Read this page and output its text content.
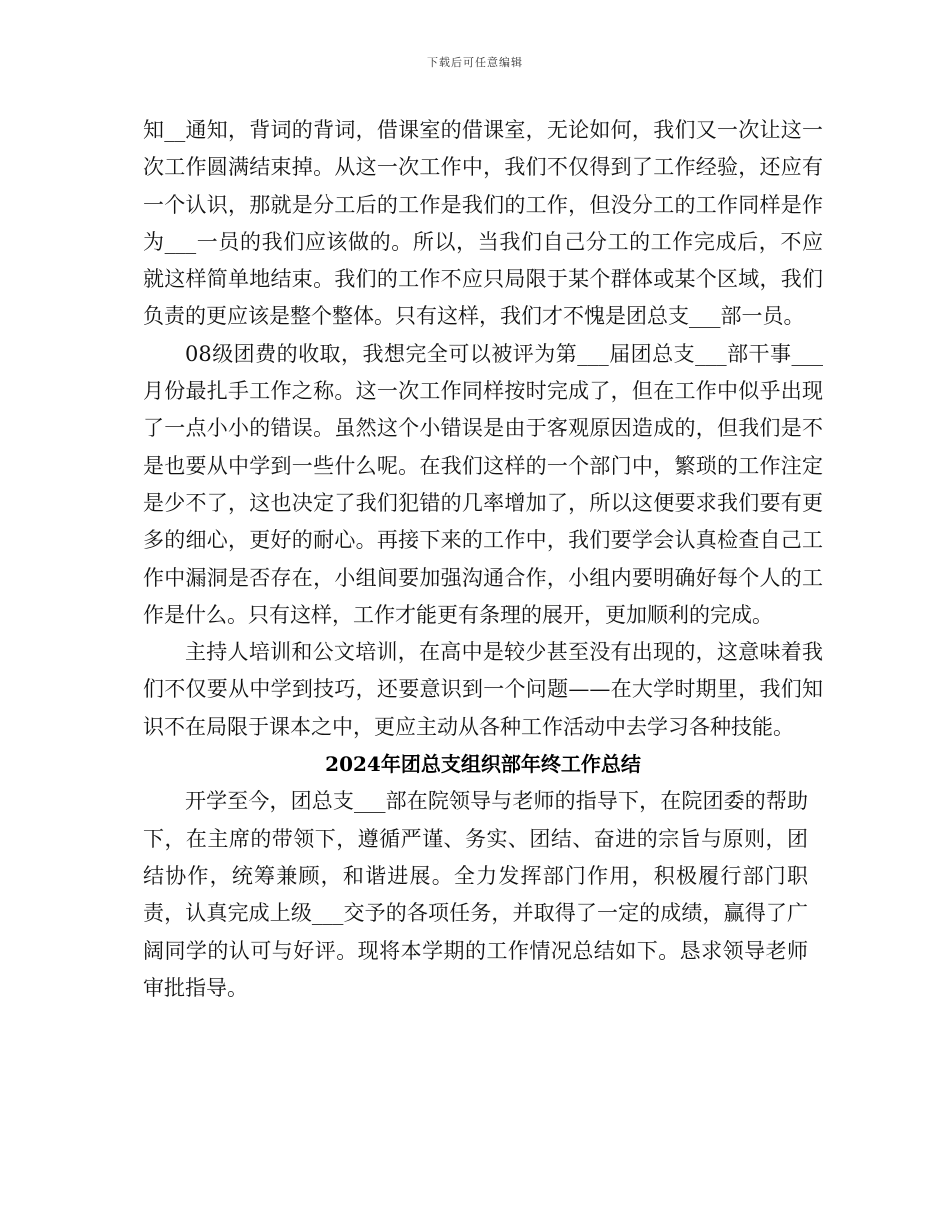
下载后可任意编辑

知__通知，背词的背词，借课室的借课室，无论如何，我们又一次让这一次工作圆满结束掉。从这一次工作中，我们不仅得到了工作经验，还应有一个认识，那就是分工后的工作是我们的工作，但没分工的工作同样是作为___一员的我们应该做的。所以，当我们自己分工的工作完成后，不应就这样简单地结束。我们的工作不应只局限于某个群体或某个区域，我们负责的更应该是整个整体。只有这样，我们才不愧是团总支___部一员。

08级团费的收取，我想完全可以被评为第___届团总支___部干事___月份最扎手工作之称。这一次工作同样按时完成了，但在工作中似乎出现了一点小小的错误。虽然这个小错误是由于客观原因造成的，但我们是不是也要从中学到一些什么呢。在我们这样的一个部门中，繁琐的工作注定是少不了，这也决定了我们犯错的几率增加了，所以这便要求我们要有更多的细心，更好的耐心。再接下来的工作中，我们要学会认真检查自己工作中漏洞是否存在，小组间要加强沟通合作，小组内要明确好每个人的工作是什么。只有这样，工作才能更有条理的展开，更加顺利的完成。

主持人培训和公文培训，在高中是较少甚至没有出现的，这意味着我们不仅要从中学到技巧，还要意识到一个问题——在大学时期里，我们知识不在局限于课本之中，更应主动从各种工作活动中去学习各种技能。

2024年团总支组织部年终工作总结

开学至今，团总支___部在院领导与老师的指导下，在院团委的帮助下，在主席的带领下，遵循严谨、务实、团结、奋进的宗旨与原则，团结协作，统筹兼顾，和谐进展。全力发挥部门作用，积极履行部门职责，认真完成上级___交予的各项任务，并取得了一定的成绩，赢得了广阔同学的认可与好评。现将本学期的工作情况总结如下。恳求领导老师审批指导。
